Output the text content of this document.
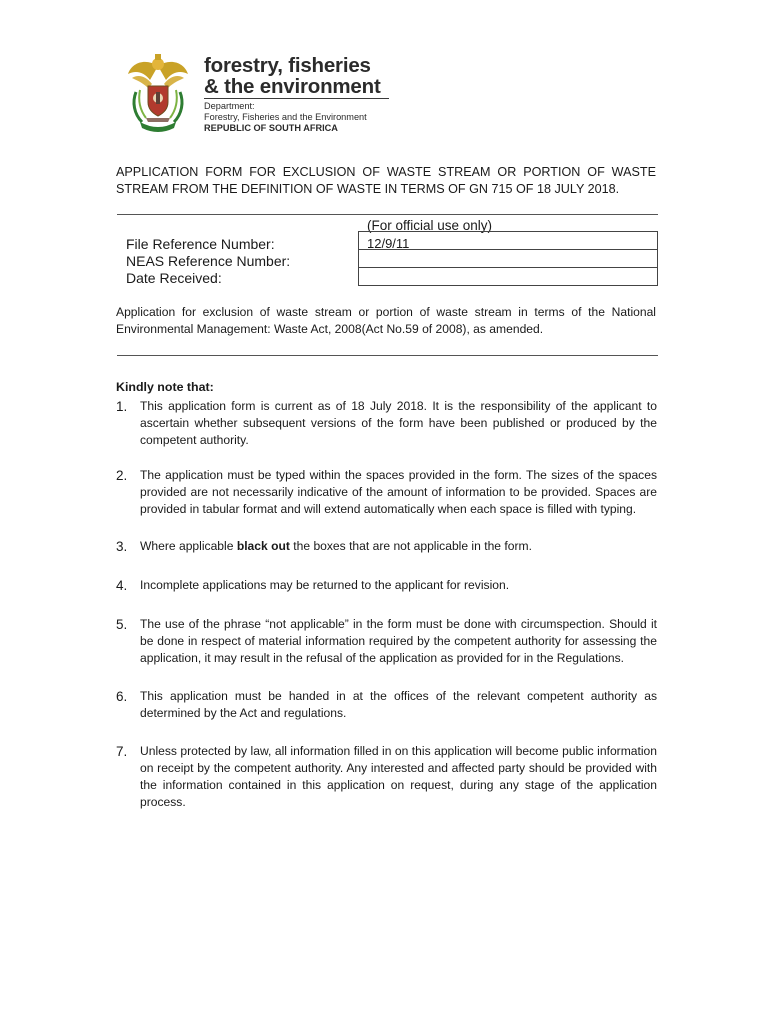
forestry, fisheries
& the environment
Department:
Forestry, Fisheries and the Environment
REPUBLIC OF SOUTH AFRICA
APPLICATION FORM FOR EXCLUSION OF WASTE STREAM OR PORTION OF WASTE
STREAM FROM THE DEFINITION OF WASTE IN TERMS OF GN 715 OF 18 JULY 2018.
(For official use only)
12/9/11
File Reference Number:
NEAS Reference Number:
Date Received:
Application for exclusion of waste stream or portion of waste stream in terms of the National Environmental Management: Waste Act, 2008(Act No.59 of 2008), as amended.
Kindly note that:
1. This application form is current as of 18 July 2018. It is the responsibility of the applicant to ascertain whether subsequent versions of the form have been published or produced by the competent authority.
2. The application must be typed within the spaces provided in the form. The sizes of the spaces provided are not necessarily indicative of the amount of information to be provided. Spaces are provided in tabular format and will extend automatically when each space is filled with typing.
3. Where applicable black out the boxes that are not applicable in the form.
4. Incomplete applications may be returned to the applicant for revision.
5. The use of the phrase “not applicable” in the form must be done with circumspection. Should it be done in respect of material information required by the competent authority for assessing the application, it may result in the refusal of the application as provided for in the Regulations.
6. This application must be handed in at the offices of the relevant competent authority as determined by the Act and regulations.
7. Unless protected by law, all information filled in on this application will become public information on receipt by the competent authority. Any interested and affected party should be provided with the information contained in this application on request, during any stage of the application process.
